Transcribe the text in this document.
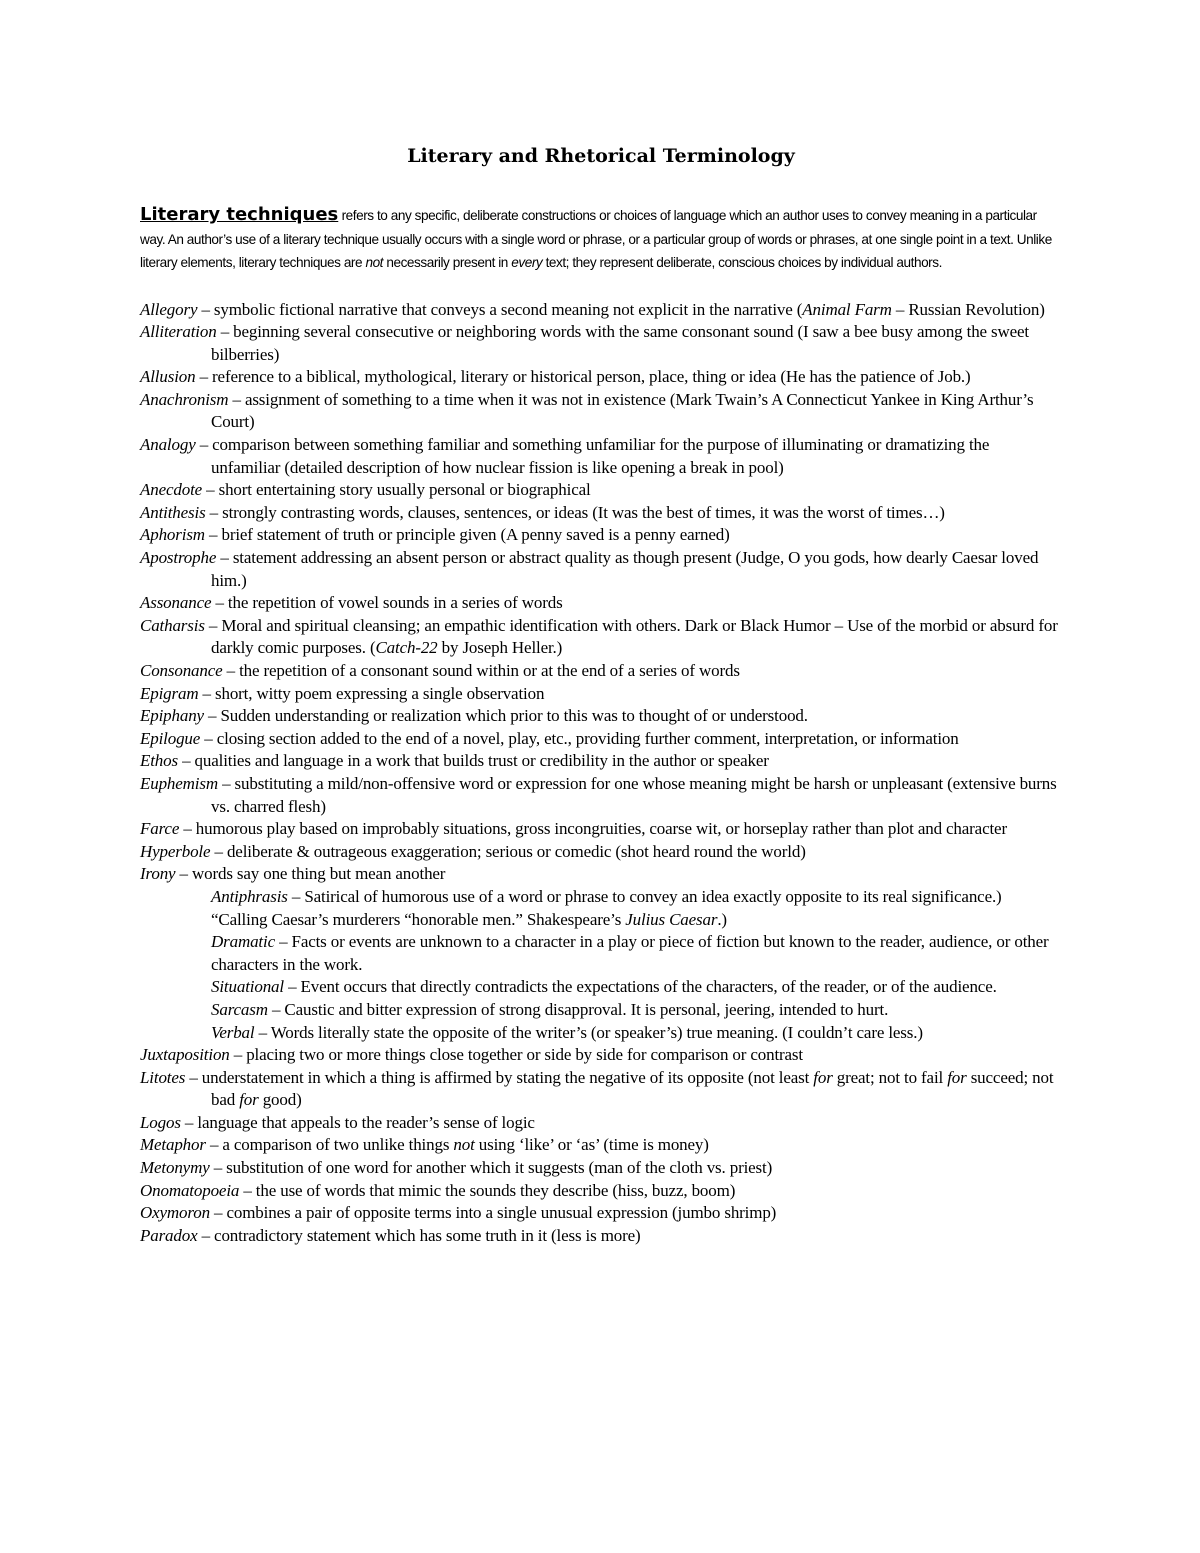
Literary and Rhetorical Terminology

Literary techniques refers to any specific, deliberate constructions or choices of language which an author uses to convey meaning in a particular way. An author’s use of a literary technique usually occurs with a single word or phrase, or a particular group of words or phrases, at one single point in a text. Unlike literary elements, literary techniques are not necessarily present in every text; they represent deliberate, conscious choices by individual authors.

Allegory – symbolic fictional narrative that conveys a second meaning not explicit in the narrative (Animal Farm – Russian Revolution)
Alliteration – beginning several consecutive or neighboring words with the same consonant sound (I saw a bee busy among the sweet bilberries)
Allusion – reference to a biblical, mythological, literary or historical person, place, thing or idea (He has the patience of Job.)
Anachronism – assignment of something to a time when it was not in existence (Mark Twain’s A Connecticut Yankee in King Arthur’s Court)
Analogy – comparison between something familiar and something unfamiliar for the purpose of illuminating or dramatizing the unfamiliar (detailed description of how nuclear fission is like opening a break in pool)
Anecdote – short entertaining story usually personal or biographical
Antithesis – strongly contrasting words, clauses, sentences, or ideas (It was the best of times, it was the worst of times…)
Aphorism – brief statement of truth or principle given (A penny saved is a penny earned)
Apostrophe – statement addressing an absent person or abstract quality as though present (Judge, O you gods, how dearly Caesar loved him.)
Assonance – the repetition of vowel sounds in a series of words
Catharsis – Moral and spiritual cleansing; an empathic identification with others. Dark or Black Humor – Use of the morbid or absurd for darkly comic purposes. (Catch-22 by Joseph Heller.)
Consonance – the repetition of a consonant sound within or at the end of a series of words
Epigram – short, witty poem expressing a single observation
Epiphany – Sudden understanding or realization which prior to this was to thought of or understood.
Epilogue – closing section added to the end of a novel, play, etc., providing further comment, interpretation, or information
Ethos – qualities and language in a work that builds trust or credibility in the author or speaker
Euphemism – substituting a mild/non-offensive word or expression for one whose meaning might be harsh or unpleasant (extensive burns vs. charred flesh)
Farce – humorous play based on improbably situations, gross incongruities, coarse wit, or horseplay rather than plot and character
Hyperbole – deliberate & outrageous exaggeration; serious or comedic (shot heard round the world)
Irony – words say one thing but mean another
Antiphrasis – Satirical of humorous use of a word or phrase to convey an idea exactly opposite to its real significance.) “Calling Caesar’s murderers “honorable men.” Shakespeare’s Julius Caesar.)
Dramatic – Facts or events are unknown to a character in a play or piece of fiction but known to the reader, audience, or other characters in the work.
Situational – Event occurs that directly contradicts the expectations of the characters, of the reader, or of the audience.
Sarcasm – Caustic and bitter expression of strong disapproval. It is personal, jeering, intended to hurt.
Verbal – Words literally state the opposite of the writer’s (or speaker’s) true meaning. (I couldn’t care less.)
Juxtaposition – placing two or more things close together or side by side for comparison or contrast
Litotes – understatement in which a thing is affirmed by stating the negative of its opposite (not least for great; not to fail for succeed; not bad for good)
Logos – language that appeals to the reader’s sense of logic
Metaphor – a comparison of two unlike things not using ‘like’ or ‘as’ (time is money)
Metonymy – substitution of one word for another which it suggests (man of the cloth vs. priest)
Onomatopoeia – the use of words that mimic the sounds they describe (hiss, buzz, boom)
Oxymoron – combines a pair of opposite terms into a single unusual expression (jumbo shrimp)
Paradox – contradictory statement which has some truth in it (less is more)
